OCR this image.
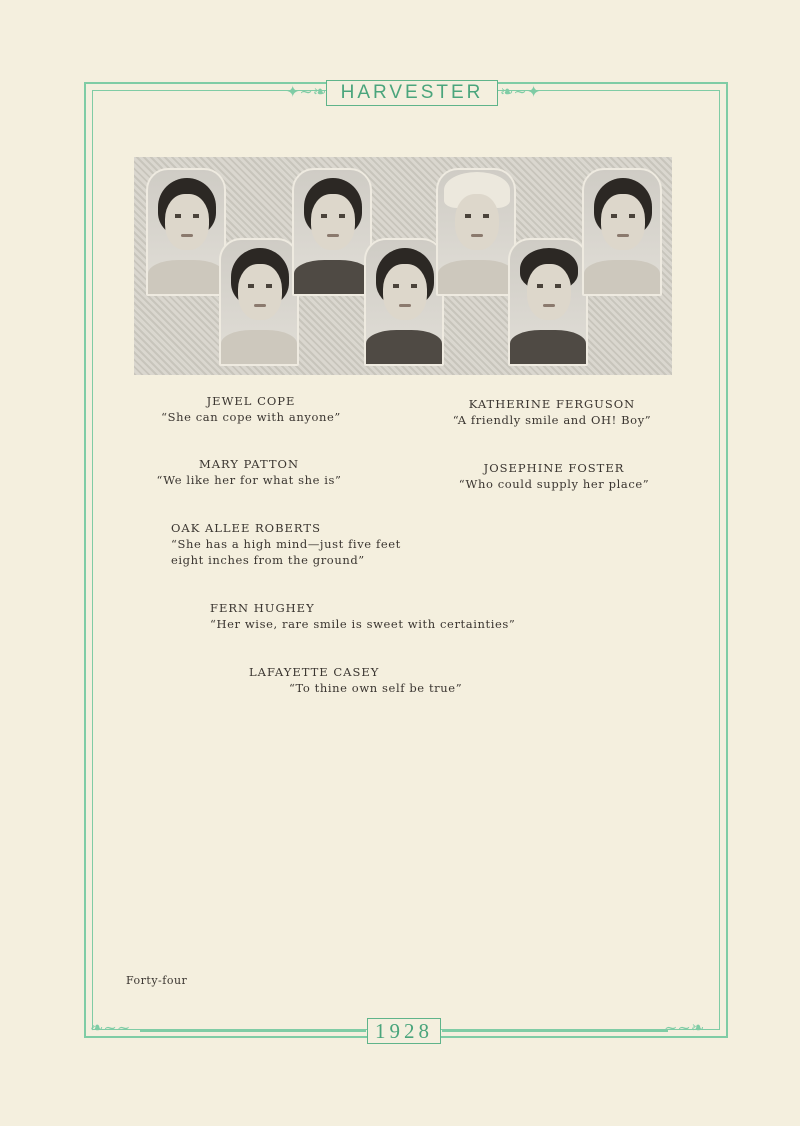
✦∼❧	❧∼✦
HARVESTER
JEWEL COPE
“She can cope with anyone”
KATHERINE FERGUSON
“A friendly smile and OH! Boy”
MARY PATTON
“We like her for what she is”
JOSEPHINE FOSTER
“Who could supply her place”
OAK ALLEE ROBERTS
“She has a high mind—just five feet
eight inches from the ground”
FERN HUGHEY
“Her wise, rare smile is sweet with certainties”
LAFAYETTE CASEY
“To thine own self be true”
Forty-four
❧∼∼	∼∼❧
1928
